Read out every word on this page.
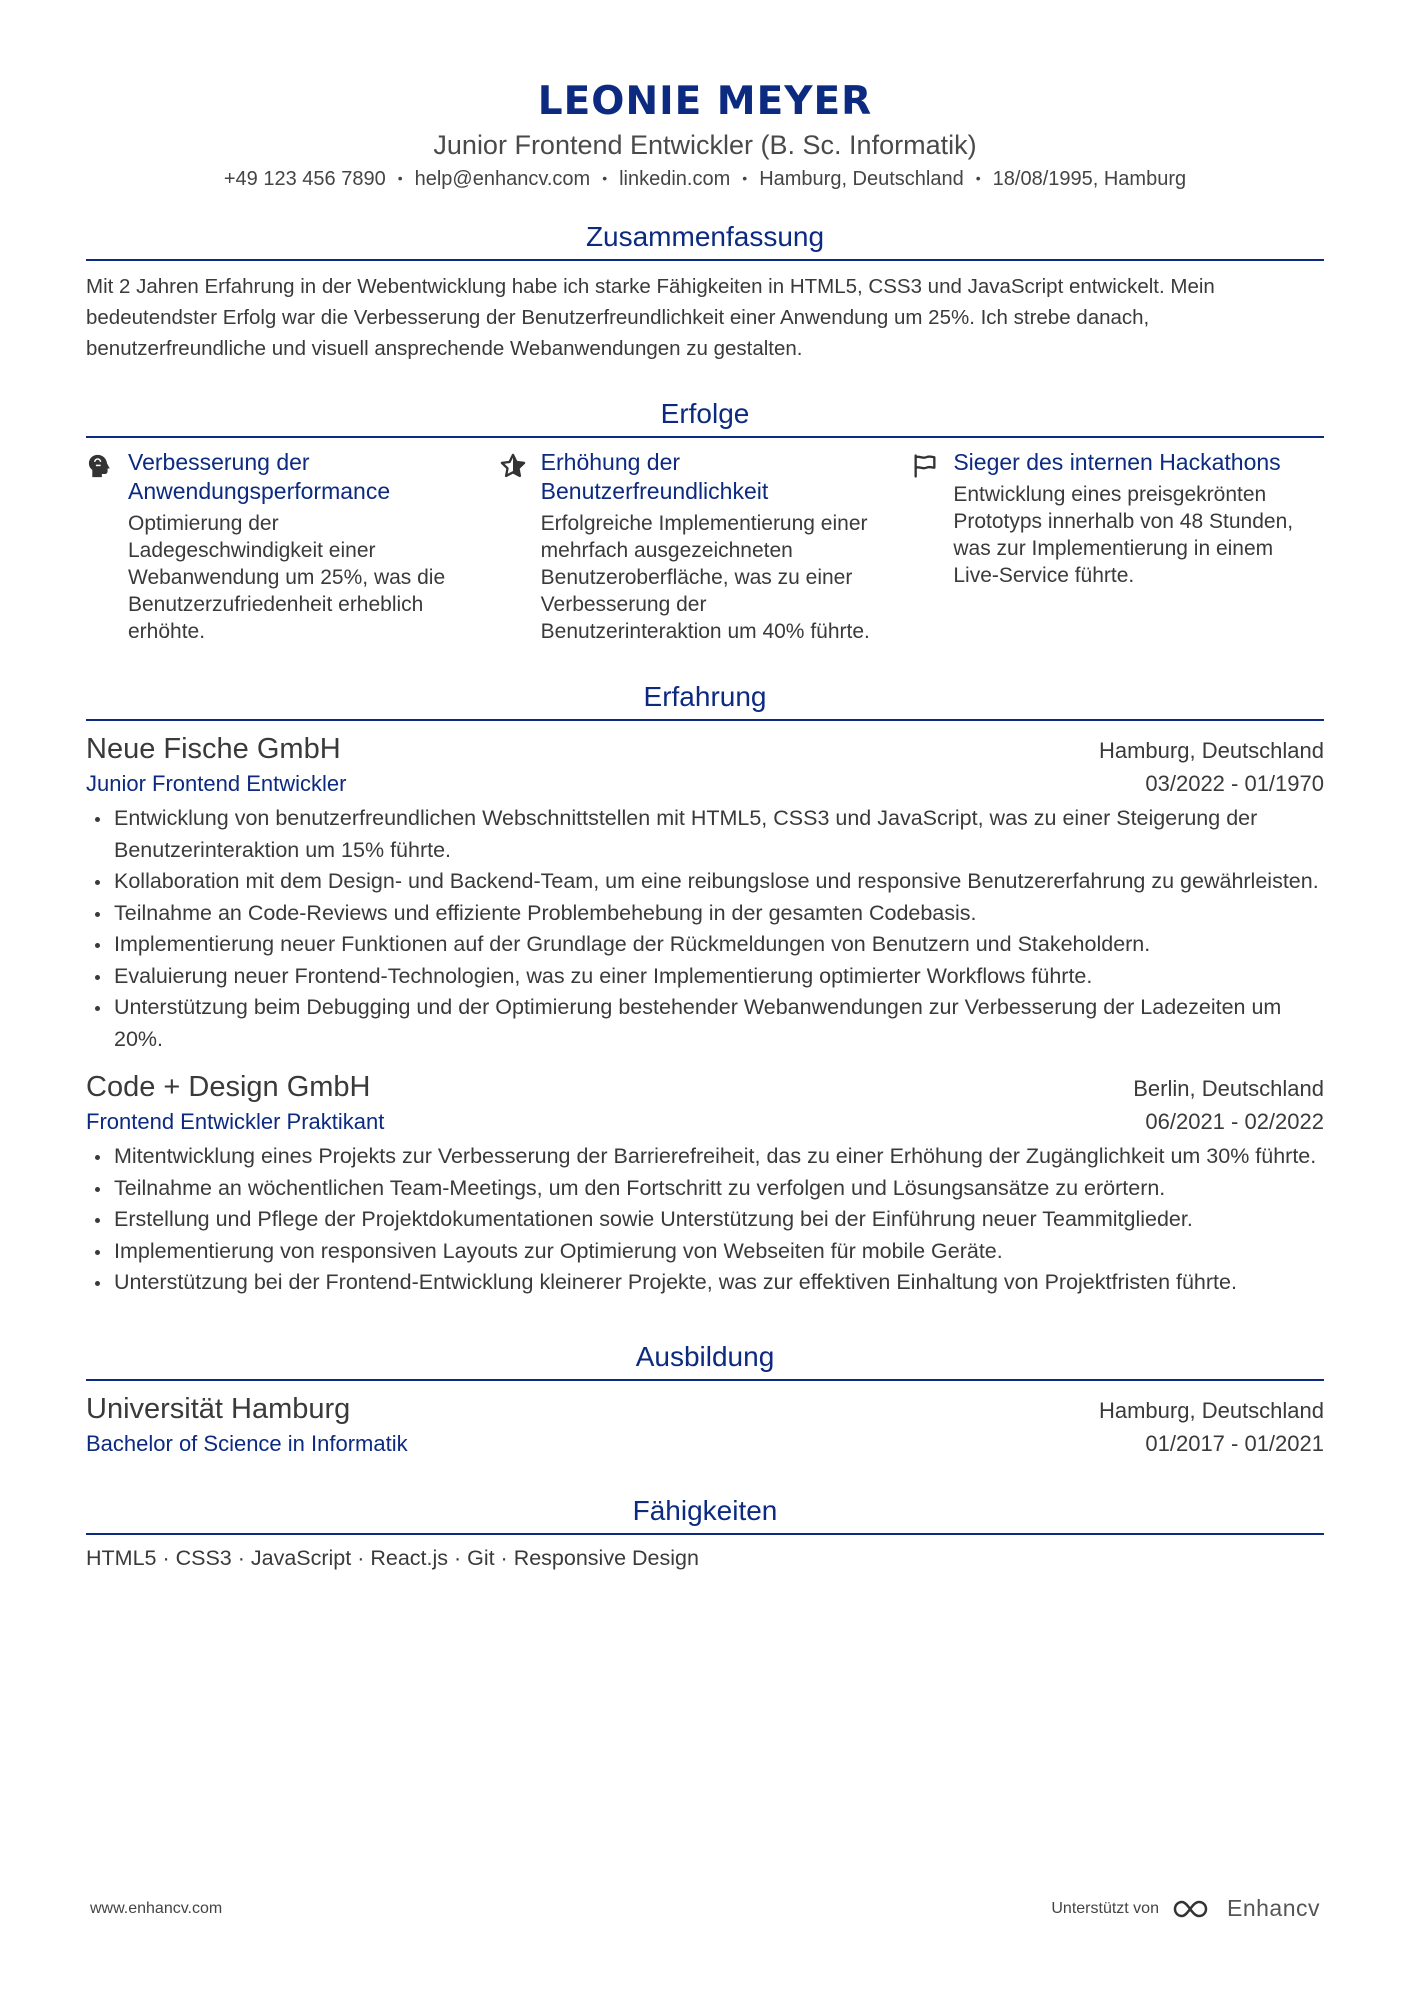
LEONIE MEYER
Junior Frontend Entwickler (B. Sc. Informatik)
+49 123 456 7890 • help@enhancv.com • linkedin.com • Hamburg, Deutschland • 18/08/1995, Hamburg
Zusammenfassung
Mit 2 Jahren Erfahrung in der Webentwicklung habe ich starke Fähigkeiten in HTML5, CSS3 und JavaScript entwickelt. Mein bedeutendster Erfolg war die Verbesserung der Benutzerfreundlichkeit einer Anwendung um 25%. Ich strebe danach, benutzerfreundliche und visuell ansprechende Webanwendungen zu gestalten.
Erfolge
Verbesserung der Anwendungsperformance
Optimierung der Ladegeschwindigkeit einer Webanwendung um 25%, was die Benutzerzufriedenheit erheblich erhöhte.
Erhöhung der Benutzerfreundlichkeit
Erfolgreiche Implementierung einer mehrfach ausgezeichneten Benutzeroberfläche, was zu einer Verbesserung der Benutzerinteraktion um 40% führte.
Sieger des internen Hackathons
Entwicklung eines preisgekrönten Prototyps innerhalb von 48 Stunden, was zur Implementierung in einem Live-Service führte.
Erfahrung
Neue Fische GmbH	Hamburg, Deutschland
Junior Frontend Entwickler	03/2022 - 01/1970
Entwicklung von benutzerfreundlichen Webschnittstellen mit HTML5, CSS3 und JavaScript, was zu einer Steigerung der Benutzerinteraktion um 15% führte.
Kollaboration mit dem Design- und Backend-Team, um eine reibungslose und responsive Benutzererfahrung zu gewährleisten.
Teilnahme an Code-Reviews und effiziente Problembehebung in der gesamten Codebasis.
Implementierung neuer Funktionen auf der Grundlage der Rückmeldungen von Benutzern und Stakeholdern.
Evaluierung neuer Frontend-Technologien, was zu einer Implementierung optimierter Workflows führte.
Unterstützung beim Debugging und der Optimierung bestehender Webanwendungen zur Verbesserung der Ladezeiten um 20%.
Code + Design GmbH	Berlin, Deutschland
Frontend Entwickler Praktikant	06/2021 - 02/2022
Mitentwicklung eines Projekts zur Verbesserung der Barrierefreiheit, das zu einer Erhöhung der Zugänglichkeit um 30% führte.
Teilnahme an wöchentlichen Team-Meetings, um den Fortschritt zu verfolgen und Lösungsansätze zu erörtern.
Erstellung und Pflege der Projektdokumentationen sowie Unterstützung bei der Einführung neuer Teammitglieder.
Implementierung von responsiven Layouts zur Optimierung von Webseiten für mobile Geräte.
Unterstützung bei der Frontend-Entwicklung kleinerer Projekte, was zur effektiven Einhaltung von Projektfristen führte.
Ausbildung
Universität Hamburg	Hamburg, Deutschland
Bachelor of Science in Informatik	01/2017 - 01/2021
Fähigkeiten
HTML5 · CSS3 · JavaScript · React.js · Git · Responsive Design
www.enhancv.com	Unterstützt von	Enhancv
